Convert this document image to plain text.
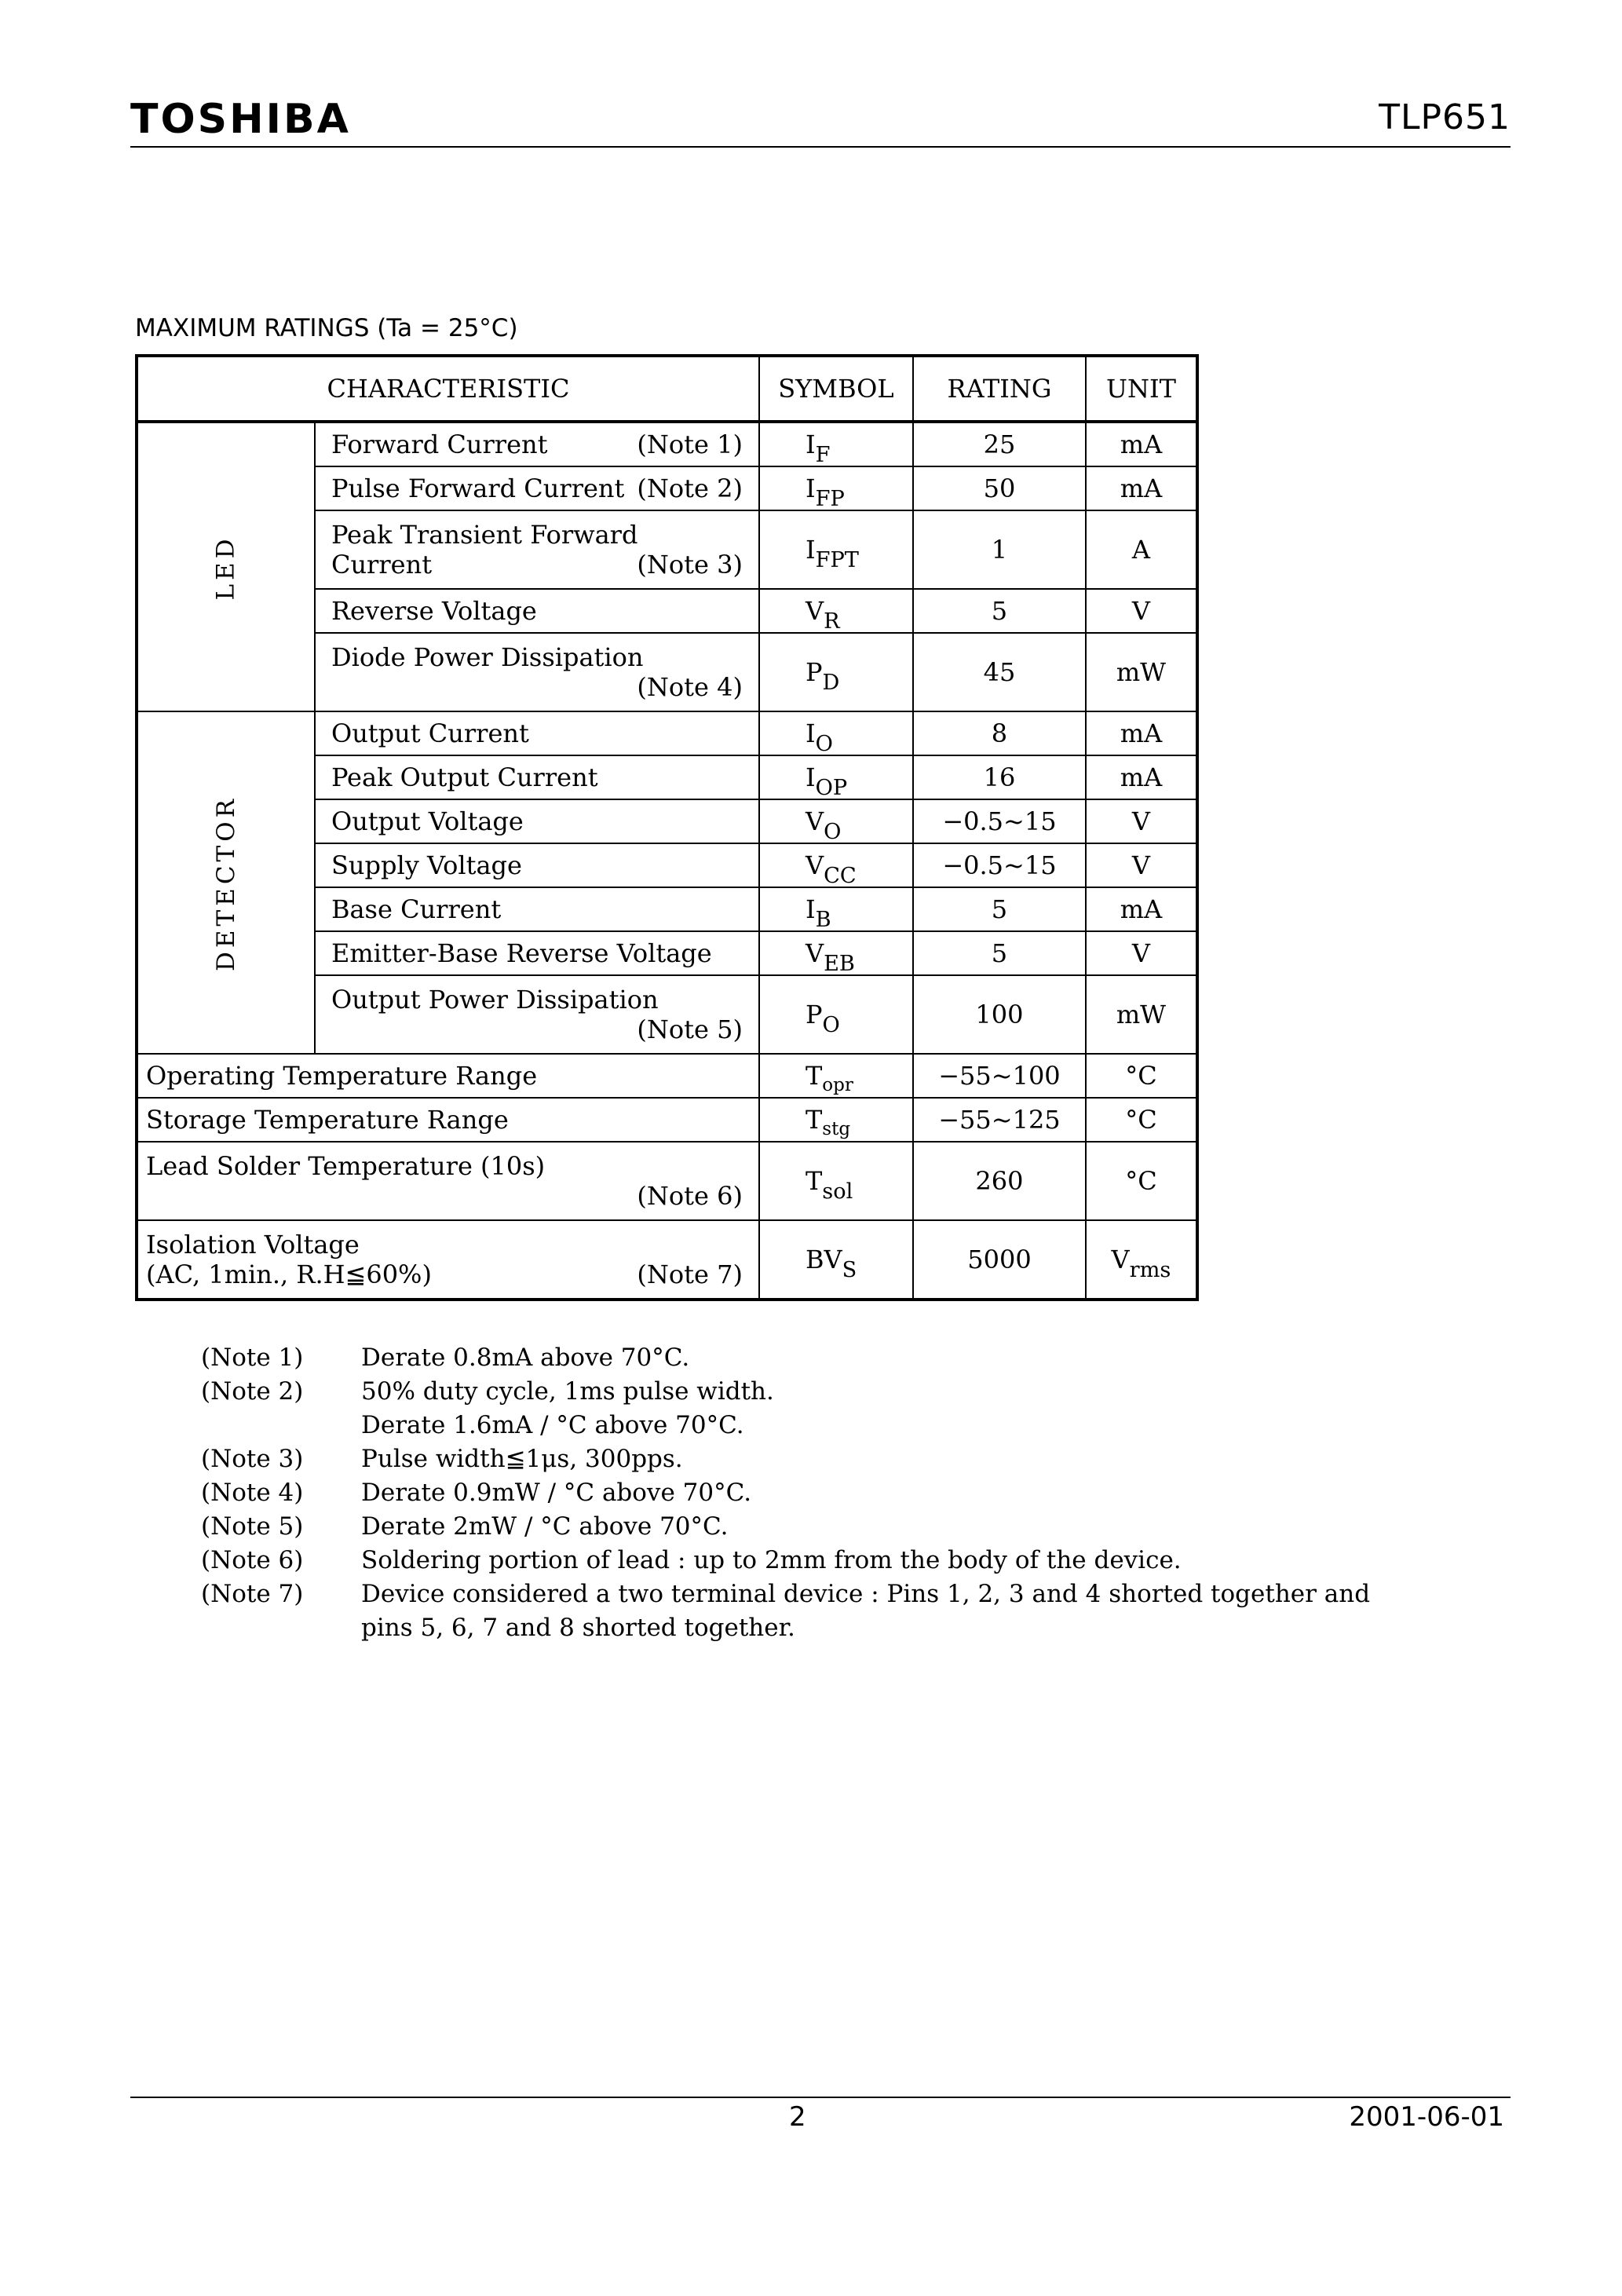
TOSHIBA	TLP651
MAXIMUM RATINGS (Ta = 25°C)
CHARACTERISTIC		SYMBOL	RATING	UNIT
LED	Forward Current (Note 1)	$I_F$	25	mA

	Pulse Forward Current (Note 2)	$I_{FP}$	50	mA

	Peak Transient Forward
Current (Note 3)	$I_{FPT}$	1	A
	Reverse Voltage	$V_R$	5	V

	Diode Power Dissipation
(Note 4)	$P_D$	45	mW
DETECTOR	Output Current	$I_O$	8	mA
	Peak Output Current	$I_{OP}$	16	mA
	Output Voltage	$V_O$	−0.5~15	V
	Supply Voltage	$V_{CC}$	−0.5~15	V
	Base Current	$I_B$	5	mA
	Emitter-Base Reverse Voltage	$V_{EB}$	5	V

	Output Power Dissipation
(Note 5)	$P_O$	100	mW
Operating Temperature Range		$T_{opr}$	−55~100	°C
Storage Temperature Range		$T_{stg}$	−55~125	°C

Lead Solder Temperature (10s)
(Note 6)		$T_{sol}$	260	°C

Isolation Voltage
(AC, 1min., R.H≦60%) (Note 7)		$BV_S$	5000	$V_{rms}$
(Note 1)	Derate 0.8mA above 70°C.
(Note 2)	50% duty cycle, 1ms pulse width.
Derate 1.6mA / °C above 70°C.
(Note 3)	Pulse width≦1μs, 300pps.
(Note 4)	Derate 0.9mW / °C above 70°C.
(Note 5)	Derate 2mW / °C above 70°C.
(Note 6)	Soldering portion of lead : up to 2mm from the body of the device.
(Note 7)	Device considered a two terminal device : Pins 1, 2, 3 and 4 shorted together and
pins 5, 6, 7 and 8 shorted together.
2	2001-06-01
